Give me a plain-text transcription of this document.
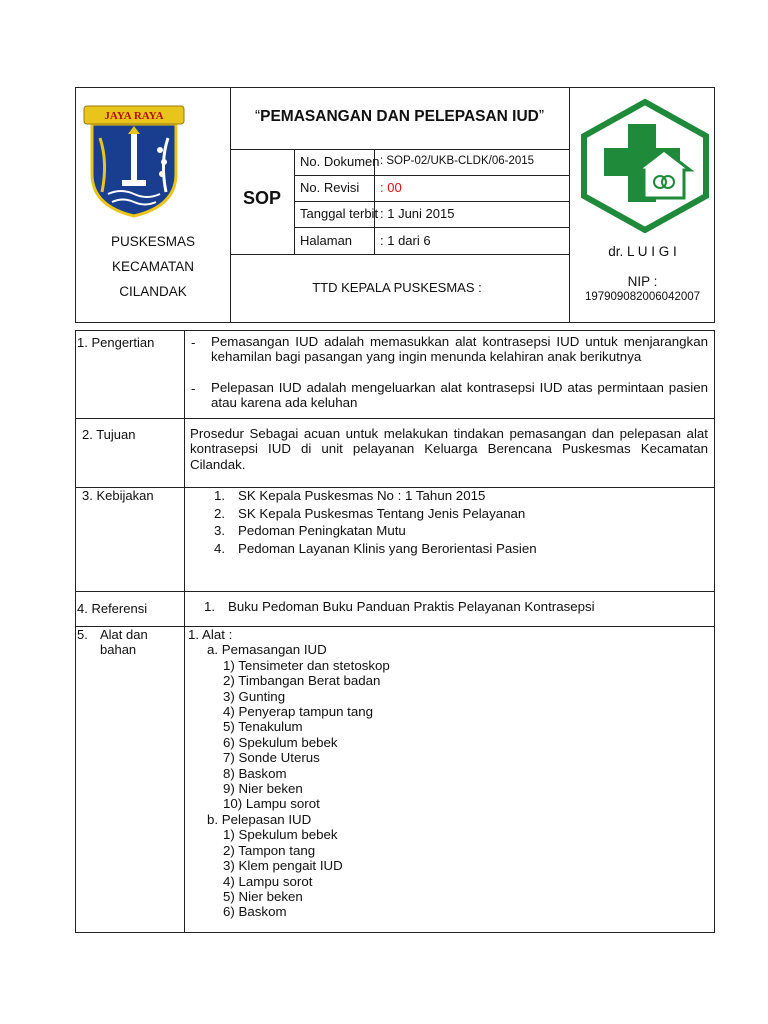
JAYA RAYA
PUSKESMAS
KECAMATAN
CILANDAK
“PEMASANGAN DAN PELEPASAN IUD”
SOP
No. Dokumen : SOP-02/UKB-CLDK/06-2015
No. Revisi : 00
Tanggal terbit : 1 Juni 2015
Halaman : 1 dari 6
TTD KEPALA PUSKESMAS :
dr. L U I G I
NIP :
197909082006042007
1. Pengertian	-	Pemasangan IUD adalah memasukkan alat kontrasepsi IUD untuk menjarangkan kehamilan bagi pasangan yang ingin menunda kelahiran anak berikutnya
-	Pelepasan IUD adalah mengeluarkan alat kontrasepsi IUD atas permintaan pasien atau karena ada keluhan
2. Tujuan	Prosedur Sebagai acuan untuk melakukan tindakan pemasangan dan pelepasan alat kontrasepsi IUD di unit pelayanan Keluarga Berencana Puskesmas Kecamatan Cilandak.
3. Kebijakan	1. SK Kepala Puskesmas No : 1 Tahun 2015
2. SK Kepala Puskesmas Tentang Jenis Pelayanan
3. Pedoman Peningkatan Mutu
4. Pedoman Layanan Klinis yang Berorientasi Pasien
4. Referensi	1. Buku Pedoman Buku Panduan Praktis Pelayanan Kontrasepsi
5. Alat dan
bahan
1. Alat :
a. Pemasangan IUD
1) Tensimeter dan stetoskop
2) Timbangan Berat badan
3) Gunting
4) Penyerap tampun tang
5) Tenakulum
6) Spekulum bebek
7) Sonde Uterus
8) Baskom
9) Nier beken
10) Lampu sorot
b. Pelepasan IUD
1) Spekulum bebek
2) Tampon tang
3) Klem pengait IUD
4) Lampu sorot
5) Nier beken
6) Baskom
